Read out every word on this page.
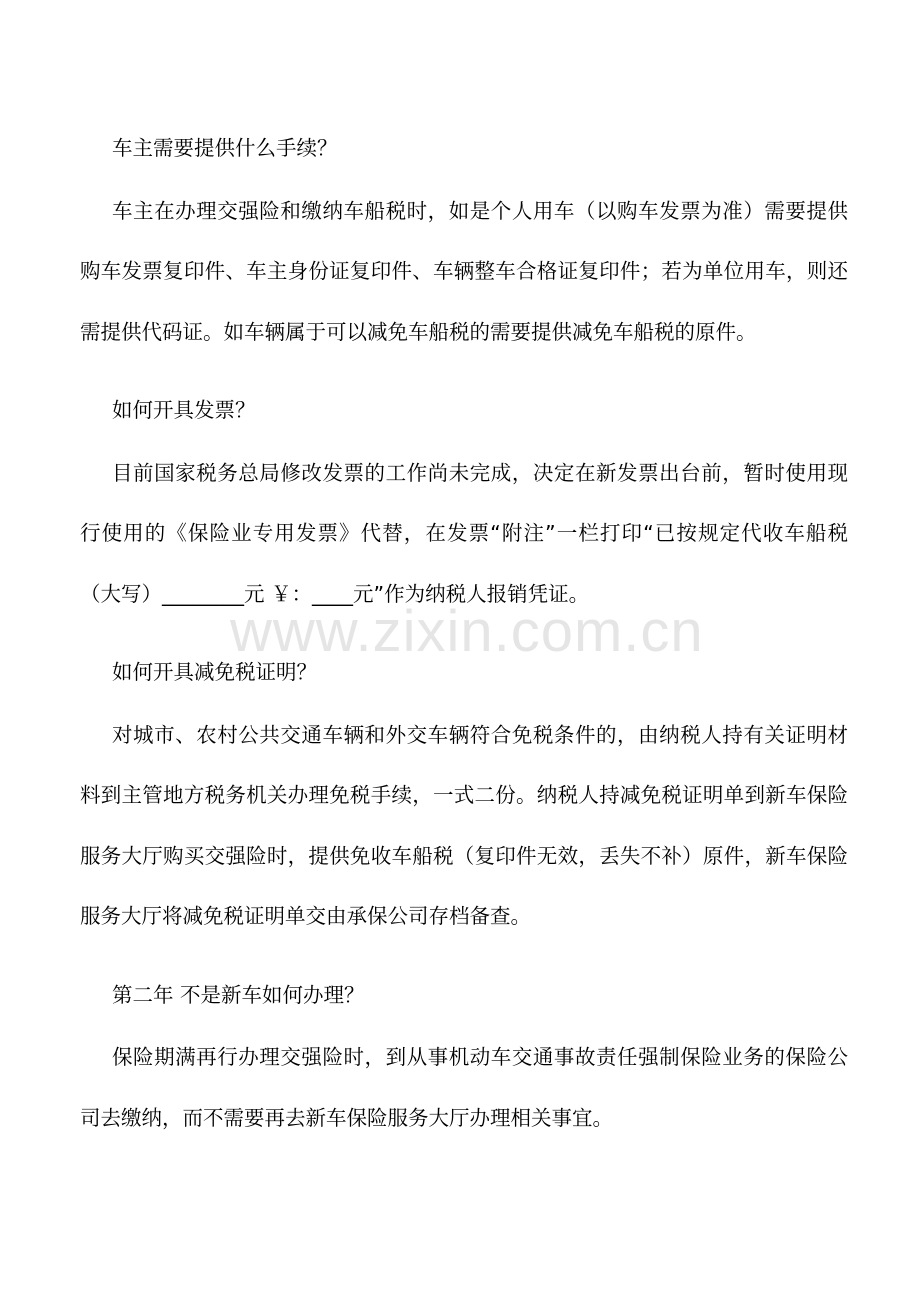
车主需要提供什么手续？

车主在办理交强险和缴纳车船税时，如是个人用车（以购车发票为准）需要提供购车发票复印件、车主身份证复印件、车辆整车合格证复印件；若为单位用车，则还需提供代码证。如车辆属于可以减免车船税的需要提供减免车船税的原件。

如何开具发票？

目前国家税务总局修改发票的工作尚未完成，决定在新发票出台前，暂时使用现行使用的《保险业专用发票》代替，在发票“附注”一栏打印“已按规定代收车船税（大写）________元 ￥：____元”作为纳税人报销凭证。

如何开具减免税证明？

对城市、农村公共交通车辆和外交车辆符合免税条件的，由纳税人持有关证明材料到主管地方税务机关办理免税手续，一式二份。纳税人持减免税证明单到新车保险服务大厅购买交强险时，提供免收车船税（复印件无效，丢失不补）原件，新车保险服务大厅将减免税证明单交由承保公司存档备查。

第二年 不是新车如何办理？

保险期满再行办理交强险时，到从事机动车交通事故责任强制保险业务的保险公司去缴纳，而不需要再去新车保险服务大厅办理相关事宜。

www.zixin.com.cn
